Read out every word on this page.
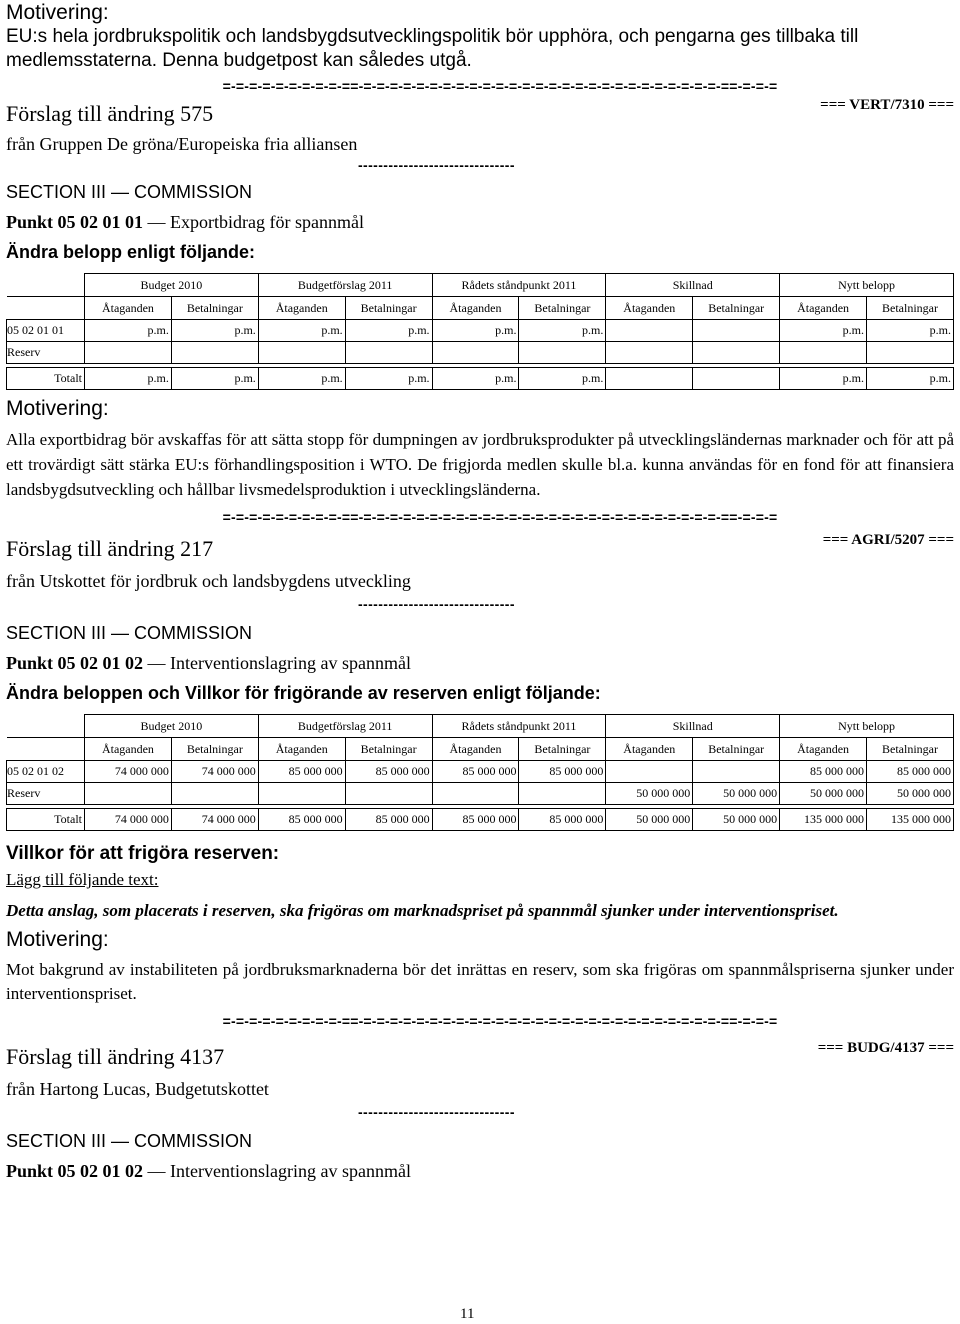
Motivering:
EU:s hela jordbrukspolitik och landsbygdsutvecklingspolitik bör upphöra, och pengarna ges tillbaka till medlemsstaterna. Denna budgetpost kan således utgå.
=-=-=-=-=-=-=-=-=-==-=-=-=-=-=-=-=-=-=-=-=-=-=-=-=-=-=-=-=-=-=-=-=-=-=-=-=-==-=-=-=
Förslag till ändring 575	=== VERT/7310 ===
från Gruppen De gröna/Europeiska fria alliansen
-------------------------------
SECTION III — COMMISSION
Punkt 05 02 01 01 — Exportbidrag för spannmål
Ändra belopp enligt följande:
	Budget 2010		Budgetförslag 2011		Rådets ståndpunkt 2011		Skillnad		Nytt belopp	
	Åtaganden	Betalningar	Åtaganden	Betalningar	Åtaganden	Betalningar	Åtaganden	Betalningar	Åtaganden	Betalningar
05 02 01 01	p.m.	p.m.	p.m.	p.m.	p.m.	p.m.			p.m.	p.m.
Reserv										

Totalt	p.m.	p.m.	p.m.	p.m.	p.m.	p.m.			p.m.	p.m.
Motivering:
Alla exportbidrag bör avskaffas för att sätta stopp för dumpningen av jordbruksprodukter på utvecklingsländernas marknader och för att på ett trovärdigt sätt stärka EU:s förhandlingsposition i WTO. De frigjorda medlen skulle bl.a. kunna användas för en fond för att finansiera landsbygdsutveckling och hållbar livsmedelsproduktion i utvecklingsländerna.
=-=-=-=-=-=-=-=-=-==-=-=-=-=-=-=-=-=-=-=-=-=-=-=-=-=-=-=-=-=-=-=-=-=-=-=-=-==-=-=-=
Förslag till ändring 217	=== AGRI/5207 ===
från Utskottet för jordbruk och landsbygdens utveckling
-------------------------------
SECTION III — COMMISSION
Punkt 05 02 01 02 — Interventionslagring av spannmål
Ändra beloppen och Villkor för frigörande av reserven enligt följande:
	Budget 2010		Budgetförslag 2011		Rådets ståndpunkt 2011		Skillnad		Nytt belopp	
	Åtaganden	Betalningar	Åtaganden	Betalningar	Åtaganden	Betalningar	Åtaganden	Betalningar	Åtaganden	Betalningar
05 02 01 02	74 000 000	74 000 000	85 000 000	85 000 000	85 000 000	85 000 000			85 000 000	85 000 000
Reserv							50 000 000	50 000 000	50 000 000	50 000 000

Totalt	74 000 000	74 000 000	85 000 000	85 000 000	85 000 000	85 000 000	50 000 000	50 000 000	135 000 000	135 000 000
Villkor för att frigöra reserven:
Lägg till följande text:
Detta anslag, som placerats i reserven, ska frigöras om marknadspriset på spannmål sjunker under interventionspriset.
Motivering:
Mot bakgrund av instabiliteten på jordbruksmarknaderna bör det inrättas en reserv, som ska frigöras om spannmålspriserna sjunker under interventionspriset.
=-=-=-=-=-=-=-=-=-==-=-=-=-=-=-=-=-=-=-=-=-=-=-=-=-=-=-=-=-=-=-=-=-=-=-=-=-==-=-=-=
Förslag till ändring 4137	=== BUDG/4137 ===
från Hartong Lucas, Budgetutskottet
-------------------------------
SECTION III — COMMISSION
Punkt 05 02 01 02 — Interventionslagring av spannmål
11
